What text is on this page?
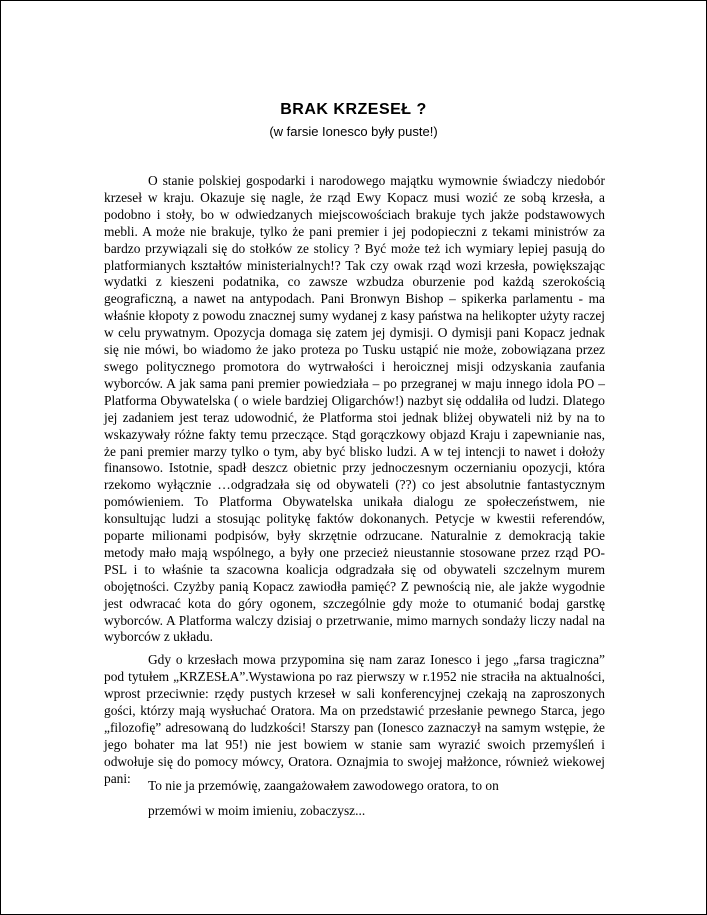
BRAK KRZESEŁ ?
(w farsie Ionesco były puste!)

O stanie polskiej gospodarki i narodowego majątku wymownie świadczy niedobór krzeseł w kraju. Okazuje się nagle, że rząd Ewy Kopacz musi wozić ze sobą krzesła, a podobno i stoły, bo w odwiedzanych miejscowościach brakuje tych jakże podstawowych mebli. A może nie brakuje, tylko że pani premier i jej podopieczni z tekami ministrów za bardzo przywiązali się do stołków ze stolicy ? Być może też ich wymiary lepiej pasują do platformianych kształtów ministerialnych!? Tak czy owak rząd wozi krzesła, powiększając wydatki z kieszeni podatnika, co zawsze wzbudza oburzenie pod każdą szerokością geograficzną, a nawet na antypodach. Pani Bronwyn Bishop – spikerka parlamentu - ma właśnie kłopoty z powodu znacznej sumy wydanej z kasy państwa na helikopter użyty raczej w celu prywatnym. Opozycja domaga się zatem jej dymisji. O dymisji pani Kopacz jednak się nie mówi, bo wiadomo że jako proteza po Tusku ustąpić nie może, zobowiązana przez swego politycznego promotora do wytrwałości i heroicznej misji odzyskania zaufania wyborców. A jak sama pani premier powiedziała – po przegranej w maju innego idola PO – Platforma Obywatelska ( o wiele bardziej Oligarchów!) nazbyt się oddaliła od ludzi. Dlatego jej zadaniem jest teraz udowodnić, że Platforma stoi jednak bliżej obywateli niż by na to wskazywały różne fakty temu przeczące. Stąd gorączkowy objazd Kraju i zapewnianie nas, że pani premier marzy tylko o tym, aby być blisko ludzi. A w tej intencji to nawet i dołoży finansowo. Istotnie, spadł deszcz obietnic przy jednoczesnym oczernianiu opozycji, która rzekomo wyłącznie …odgradzała się od obywateli (??) co jest absolutnie fantastycznym pomówieniem. To Platforma Obywatelska unikała dialogu ze społeczeństwem, nie konsultując ludzi a stosując politykę faktów dokonanych. Petycje w kwestii referendów, poparte milionami podpisów, były skrzętnie odrzucane. Naturalnie z demokracją takie metody mało mają wspólnego, a były one przecież nieustannie stosowane przez rząd PO-PSL i to właśnie ta szacowna koalicja odgradzała się od obywateli szczelnym murem obojętności. Czyżby panią Kopacz zawiodła pamięć? Z pewnością nie, ale jakże wygodnie jest odwracać kota do góry ogonem, szczególnie gdy może to otumanić bodaj garstkę wyborców. A Platforma walczy dzisiaj o przetrwanie, mimo marnych sondaży liczy nadal na wyborców z układu.

Gdy o krzesłach mowa przypomina się nam zaraz Ionesco i jego „farsa tragiczna” pod tytułem „KRZESŁA”.Wystawiona po raz pierwszy w r.1952 nie straciła na aktualności, wprost przeciwnie: rzędy pustych krzeseł w sali konferencyjnej czekają na zaproszonych gości, którzy mają wysłuchać Oratora. Ma on przedstawić przesłanie pewnego Starca, jego „filozofię” adresowaną do ludzkości! Starszy pan (Ionesco zaznaczył na samym wstępie, że jego bohater ma lat 95!) nie jest bowiem w stanie sam wyrazić swoich przemyśleń i odwołuje się do pomocy mówcy, Oratora. Oznajmia to swojej małżonce, również wiekowej pani:	To nie ja przemówię, zaangażowałem zawodowego oratora, to on
przemówi w moim imieniu, zobaczysz...
